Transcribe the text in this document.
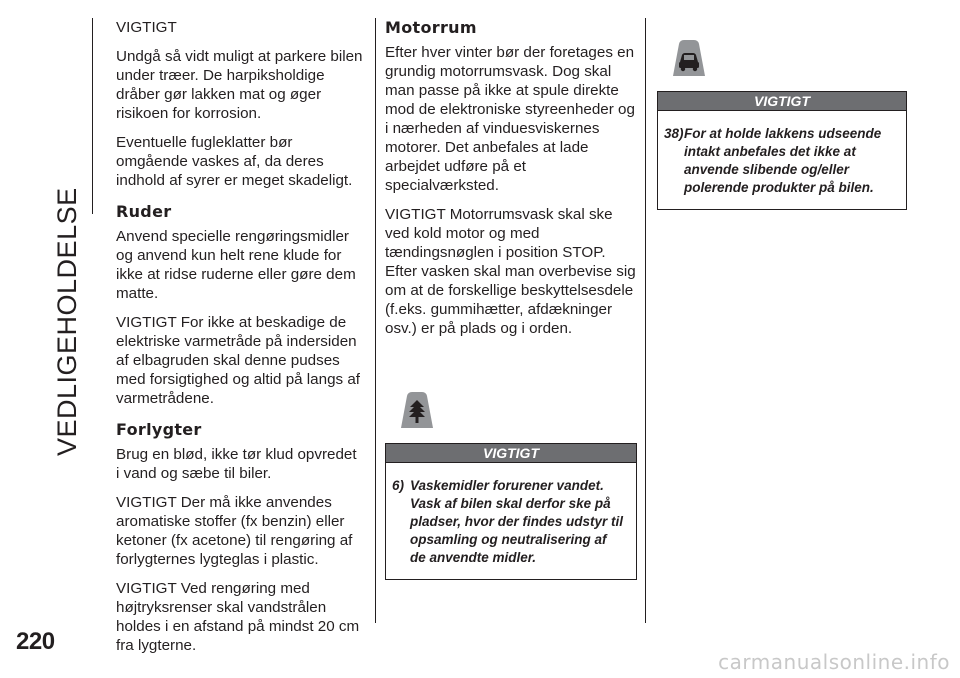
VEDLIGEHOLDELSE
220

VIGTIGT

Undgå så vidt muligt at parkere bilen under træer. De harpiksholdige dråber gør lakken mat og øger risikoen for korrosion.

Eventuelle fugleklatter bør omgående vaskes af, da deres indhold af syrer er meget skadeligt.

Ruder

Anvend specielle rengøringsmidler og anvend kun helt rene klude for ikke at ridse ruderne eller gøre dem matte.

VIGTIGT For ikke at beskadige de elektriske varmetråde på indersiden af elbagruden skal denne pudses med forsigtighed og altid på langs af varmetrådene.

Forlygter

Brug en blød, ikke tør klud opvredet i vand og sæbe til biler.

VIGTIGT Der må ikke anvendes aromatiske stoffer (fx benzin) eller ketoner (fx acetone) til rengøring af forlygternes lygteglas i plastic.

VIGTIGT Ved rengøring med højtryksrenser skal vandstrålen holdes i en afstand på mindst 20 cm fra lygterne.

Motorrum

Efter hver vinter bør der foretages en grundig motorrumsvask. Dog skal man passe på ikke at spule direkte mod de elektroniske styreenheder og i nærheden af vinduesviskernes motorer. Det anbefales at lade arbejdet udføre på et specialværksted.

VIGTIGT Motorrumsvask skal ske ved kold motor og med tændingsnøglen i position STOP. Efter vasken skal man overbevise sig om at de forskellige beskyttelsesdele (f.eks. gummihætter, afdækninger osv.) er på plads og i orden.

VIGTIGT
6) Vaskemidler forurener vandet. Vask af bilen skal derfor ske på pladser, hvor der findes udstyr til opsamling og neutralisering af de anvendte midler.
VIGTIGT
38) For at holde lakkens udseende intakt anbefales det ikke at anvende slibende og/eller polerende produkter på bilen.
carmanualsonline.info
